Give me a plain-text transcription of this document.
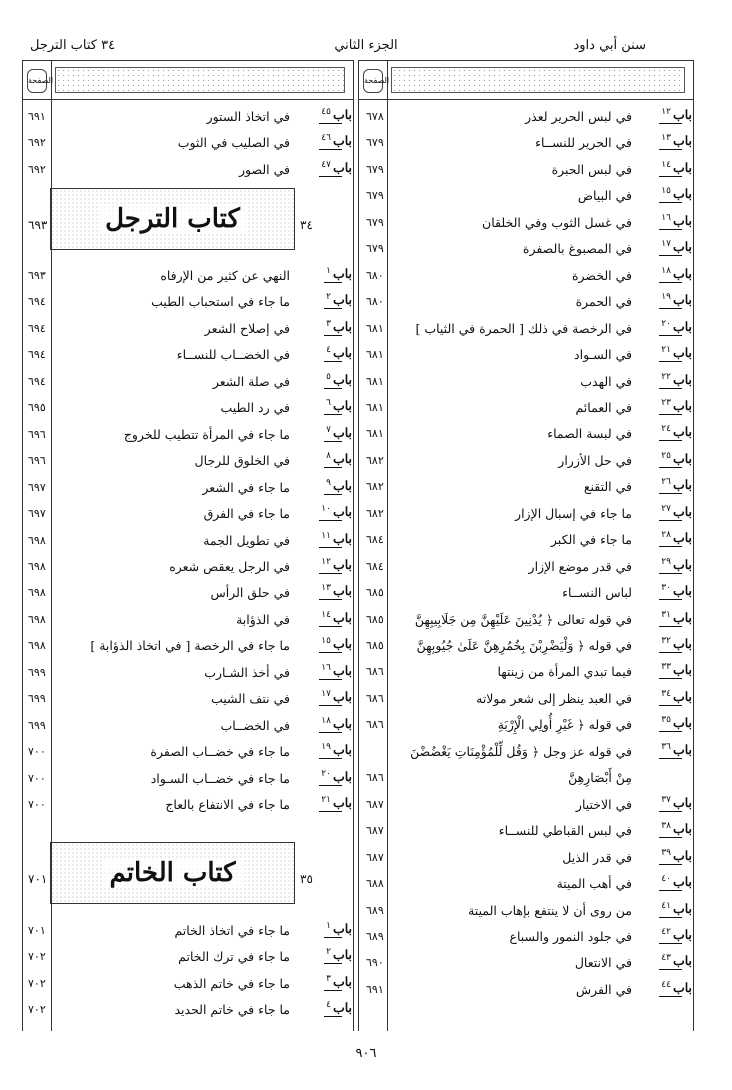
سنن أبي داود
الجزء الثاني
٣٤ كتاب الترجل
الصفحة
الصفحة
باب$^{١٢}$
في لبس الحرير لعذر
٦٧٨
باب$^{١٣}$
في الحرير للنســاء
٦٧٩
باب$^{١٤}$
في لبس الحبرة
٦٧٩
باب$^{١٥}$
في البياض
٦٧٩
باب$^{١٦}$
في غسل الثوب وفي الخلقان
٦٧٩
باب$^{١٧}$
في المصبوغ بالصفرة
٦٧٩
باب$^{١٨}$
في الخضرة
٦٨٠
باب$^{١٩}$
في الحمرة
٦٨٠
باب$^{٢٠}$
في الرخصة في ذلك [ الحمرة في الثياب ]
٦٨١
باب$^{٢١}$
في السـواد
٦٨١
باب$^{٢٢}$
في الهدب
٦٨١
باب$^{٢٣}$
في العمائم
٦٨١
باب$^{٢٤}$
في لبسة الصماء
٦٨١
باب$^{٢٥}$
في حل الأزرار
٦٨٢
باب$^{٢٦}$
في التقنع
٦٨٢
باب$^{٢٧}$
ما جاء في إسبال الإزار
٦٨٢
باب$^{٢٨}$
ما جاء في الكبر
٦٨٤
باب$^{٢٩}$
في قدر موضع الإزار
٦٨٤
باب$^{٣٠}$
لباس النســاء
٦٨٥
باب$^{٣١}$
في قوله تعالى ﴿ يُدْنِينَ عَلَيْهِنَّ مِن جَلَابِيبِهِنَّ
٦٨٥
باب$^{٣٢}$
في قوله ﴿ وَلْيَضْرِبْنَ بِخُمُرِهِنَّ عَلَىٰ جُيُوبِهِنَّ
٦٨٥
باب$^{٣٣}$
فيما تبدي المرأة من زينتها
٦٨٦
باب$^{٣٤}$
في العبد ينظر إلى شعر مولاته
٦٨٦
باب$^{٣٥}$
في قوله ﴿ غَيْرِ أُولِي الْإِرْبَةِ
٦٨٦
باب$^{٣٦}$
في قوله عز وجل ﴿ وَقُل لِّلْمُؤْمِنَاتِ يَغْضُضْنَ
مِنْ أَبْصَارِهِنَّ
٦٨٦
باب$^{٣٧}$
في الاختيار
٦٨٧
باب$^{٣٨}$
في لبس القباطي للنســاء
٦٨٧
باب$^{٣٩}$
في قدر الذيل
٦٨٧
باب$^{٤٠}$
في أهب الميتة
٦٨٨
باب$^{٤١}$
من روى أن لا ينتفع بإهاب الميتة
٦٨٩
باب$^{٤٢}$
في جلود النمور والسباع
٦٨٩
باب$^{٤٣}$
في الانتعال
٦٩٠
باب$^{٤٤}$
في الفرش
٦٩١
باب$^{٤٥}$
في اتخاذ الستور
٦٩١
باب$^{٤٦}$
في الصليب في الثوب
٦٩٢
باب$^{٤٧}$
في الصور
٦٩٢
باب$^١$
النهي عن كثير من الإرفاه
٦٩٣
باب$^٢$
ما جاء في استحباب الطيب
٦٩٤
باب$^٣$
في إصلاح الشعر
٦٩٤
باب$^٤$
في الخضــاب للنســاء
٦٩٤
باب$^٥$
في صلة الشعر
٦٩٤
باب$^٦$
في رد الطيب
٦٩٥
باب$^٧$
ما جاء في المرأة تتطيب للخروج
٦٩٦
باب$^٨$
في الخلوق للرجال
٦٩٦
باب$^٩$
ما جاء في الشعر
٦٩٧
باب$^{١٠}$
ما جاء في الفرق
٦٩٧
باب$^{١١}$
في تطويل الجمة
٦٩٨
باب$^{١٢}$
في الرجل يعقص شعره
٦٩٨
باب$^{١٣}$
في حلق الرأس
٦٩٨
باب$^{١٤}$
في الذؤابة
٦٩٨
باب$^{١٥}$
ما جاء في الرخصة [ في اتخاذ الذؤابة ]
٦٩٨
باب$^{١٦}$
في أخذ الشـارب
٦٩٩
باب$^{١٧}$
في نتف الشيب
٦٩٩
باب$^{١٨}$
في الخضــاب
٦٩٩
باب$^{١٩}$
ما جاء في خضــاب الصفرة
٧٠٠
باب$^{٢٠}$
ما جاء في خضــاب السـواد
٧٠٠
باب$^{٢١}$
ما جاء في الانتفاع بالعاج
٧٠٠
باب$^١$
ما جاء في اتخاذ الخاتم
٧٠١
باب$^٢$
ما جاء في ترك الخاتم
٧٠٢
باب$^٣$
ما جاء في خاتم الذهب
٧٠٢
باب$^٤$
ما جاء في خاتم الحديد
٧٠٢
كتاب الترجل	٣٤
٦٩٣
كتاب الخاتم	٣٥
٧٠١
٩٠٦
